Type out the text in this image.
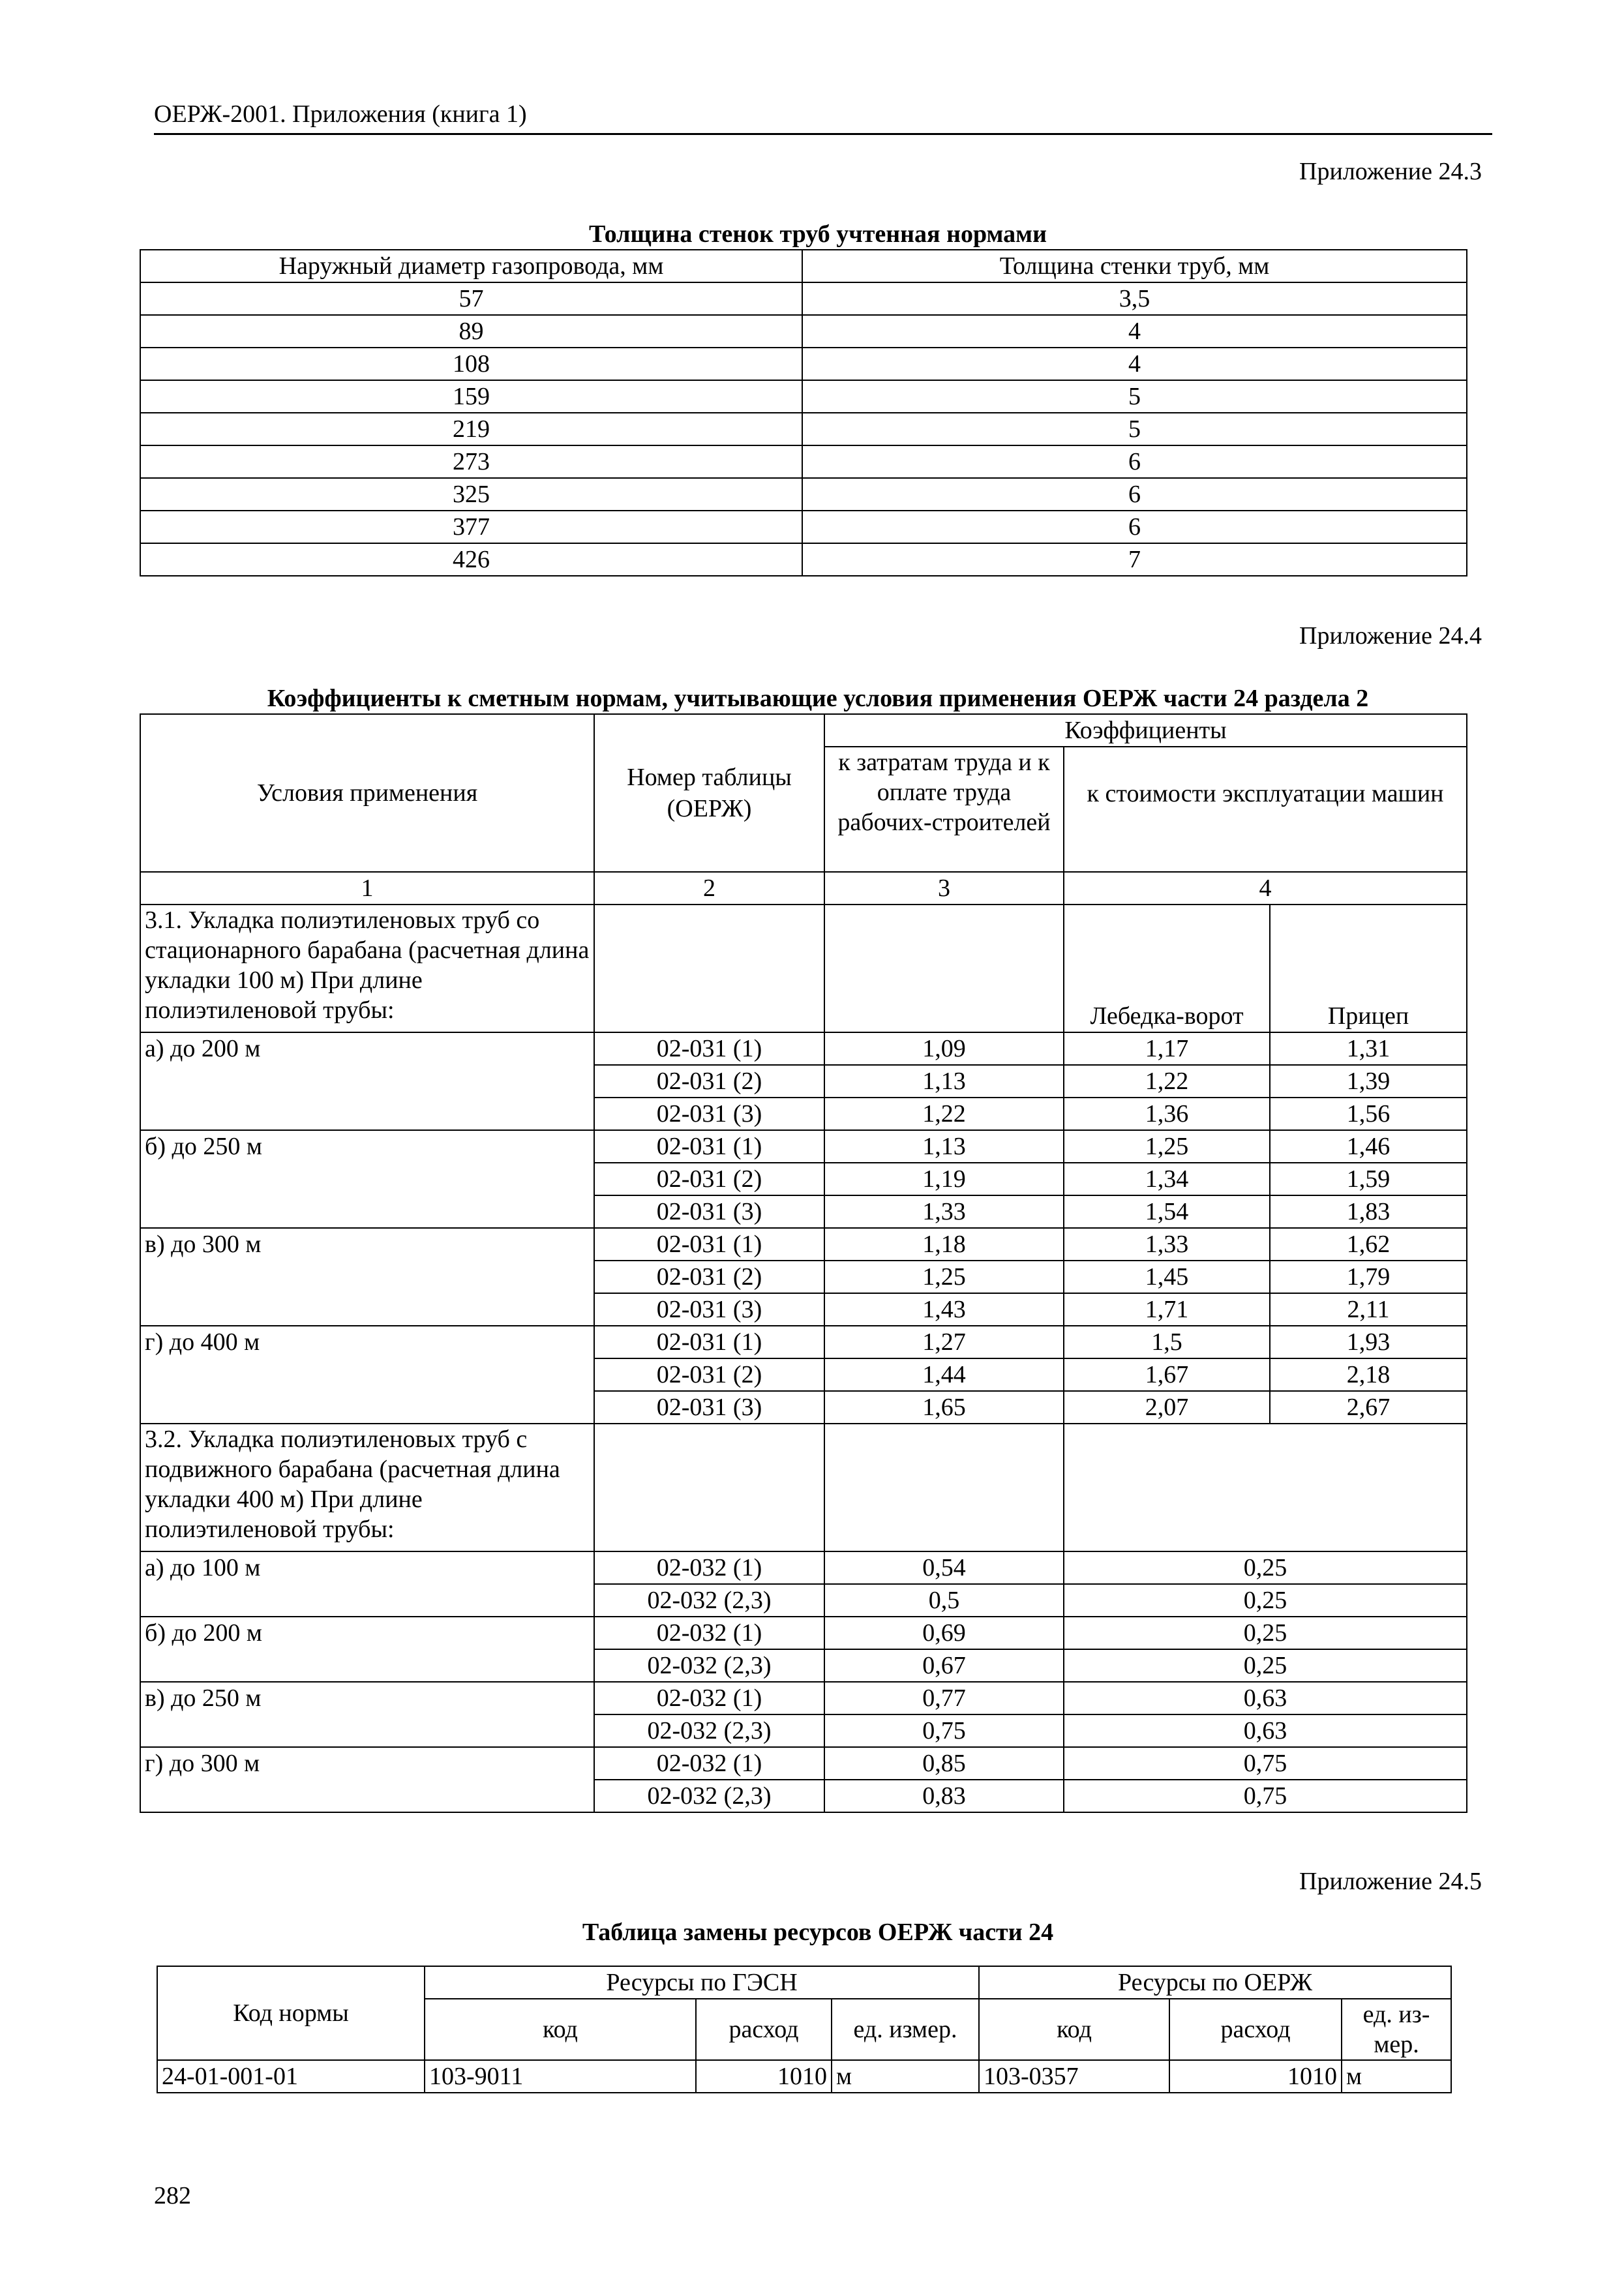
ОЕРЖ-2001. Приложения (книга 1)
Приложение 24.3
Толщина стенок труб учтенная нормами
Наружный диаметр газопровода, мм	Толщина стенки труб, мм
57	3,5
89	4
108	4
159	5
219	5
273	6
325	6
377	6
426	7
Приложение 24.4
Коэффициенты к сметным нормам, учитывающие условия применения ОЕРЖ части 24 раздела 2
Условия применения	Номер таблицы (ОЕРЖ)	Коэффициенты		
		к затратам труда и к оплате труда рабочих-строителей	к стоимости эксплуатации машин	
1	2	3	4	
3.1. Укладка полиэтиленовых труб со стационарного барабана (расчетная длина укладки 100 м) При длине полиэтиленовой трубы:			Лебедка-ворот	Прицеп
а) до 200 м	02-031 (1)	1,09	1,17	1,31
	02-031 (2)	1,13	1,22	1,39
	02-031 (3)	1,22	1,36	1,56
б) до 250 м	02-031 (1)	1,13	1,25	1,46
	02-031 (2)	1,19	1,34	1,59
	02-031 (3)	1,33	1,54	1,83
в) до 300 м	02-031 (1)	1,18	1,33	1,62
	02-031 (2)	1,25	1,45	1,79
	02-031 (3)	1,43	1,71	2,11
г) до 400 м	02-031 (1)	1,27	1,5	1,93
	02-031 (2)	1,44	1,67	2,18
	02-031 (3)	1,65	2,07	2,67
3.2. Укладка полиэтиленовых труб с подвижного барабана (расчетная длина укладки 400 м) При длине полиэтиленовой трубы:				
а) до 100 м	02-032 (1)	0,54	0,25	
	02-032 (2,3)	0,5	0,25	
б) до 200 м	02-032 (1)	0,69	0,25	
	02-032 (2,3)	0,67	0,25	
в) до 250 м	02-032 (1)	0,77	0,63	
	02-032 (2,3)	0,75	0,63	
г) до 300 м	02-032 (1)	0,85	0,75	
	02-032 (2,3)	0,83	0,75	
Приложение 24.5
Таблица замены ресурсов ОЕРЖ части 24
Код нормы	Ресурсы по ГЭСН			Ресурсы по ОЕРЖ		
	код	расход	ед. измер.	код	расход	ед. из-мер.
24-01-001-01	103-9011	1010	м	103-0357	1010	м
282
